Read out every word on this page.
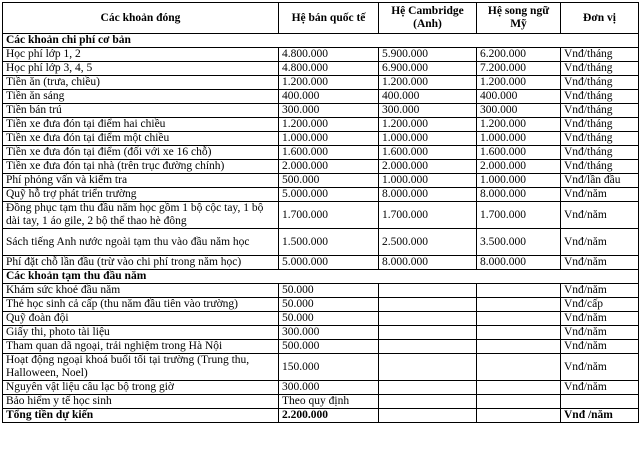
Các khoản đóng	Hệ bán quốc tế	Hệ Cambridge (Anh)	Hệ song ngữ Mỹ	Đơn vị
Các khoản chi phí cơ bản				
Học phí lớp 1, 2	4.800.000	5.900.000	6.200.000	Vnđ/tháng
Học phí lớp 3, 4, 5	4.800.000	6.900.000	7.200.000	Vnđ/tháng
Tiền ăn (trưa, chiều)	1.200.000	1.200.000	1.200.000	Vnđ/tháng
Tiền ăn sáng	400.000	400.000	400.000	Vnđ/tháng
Tiền bán trú	300.000	300.000	300.000	Vnđ/tháng
Tiền xe đưa đón tại điểm hai chiều	1.200.000	1.200.000	1.200.000	Vnđ/tháng
Tiền xe đưa đón tại điểm một chiều	1.000.000	1.000.000	1.000.000	Vnđ/tháng
Tiền xe đưa đón tại điểm (đối với xe 16 chỗ)	1.600.000	1.600.000	1.600.000	Vnđ/tháng
Tiền xe đưa đón tại nhà (trên trục đường chính)	2.000.000	2.000.000	2.000.000	Vnđ/tháng
Phí phỏng vấn và kiểm tra	500.000	1.000.000	1.000.000	Vnđ/lần đầu
Quỹ hỗ trợ phát triển trường	5.000.000	8.000.000	8.000.000	Vnđ/năm
Đồng phục tạm thu đầu năm học gồm 1 bộ cộc tay, 1 bộ dài tay, 1 áo gile, 2 bộ thể thao hè đông	1.700.000	1.700.000	1.700.000	Vnđ/năm
Sách tiếng Anh nước ngoài tạm thu vào đầu năm học	1.500.000	2.500.000	3.500.000	Vnđ/năm
Phí đặt chỗ lần đầu (trừ vào chi phí trong năm học)	5.000.000	8.000.000	8.000.000	Vnđ/năm
Các khoản tạm thu đầu năm				
Khám sức khoẻ đầu năm	50.000			Vnđ/năm
Thẻ học sinh cả cấp (thu năm đầu tiên vào trường)	50.000			Vnđ/cấp
Quỹ đoàn đội	50.000			Vnđ/năm
Giấy thi, photo tài liệu	300.000			Vnđ/năm
Tham quan dã ngoại, trải nghiệm trong Hà Nội	500.000			Vnđ/năm
Hoạt động ngoại khoá buổi tối tại trường (Trung thu, Halloween, Noel)	150.000			Vnđ/năm
Nguyên vật liệu câu lạc bộ trong giờ	300.000			Vnđ/năm
Bảo hiểm y tế học sinh	Theo quy định			
Tổng tiền dự kiến	2.200.000			Vnđ /năm
